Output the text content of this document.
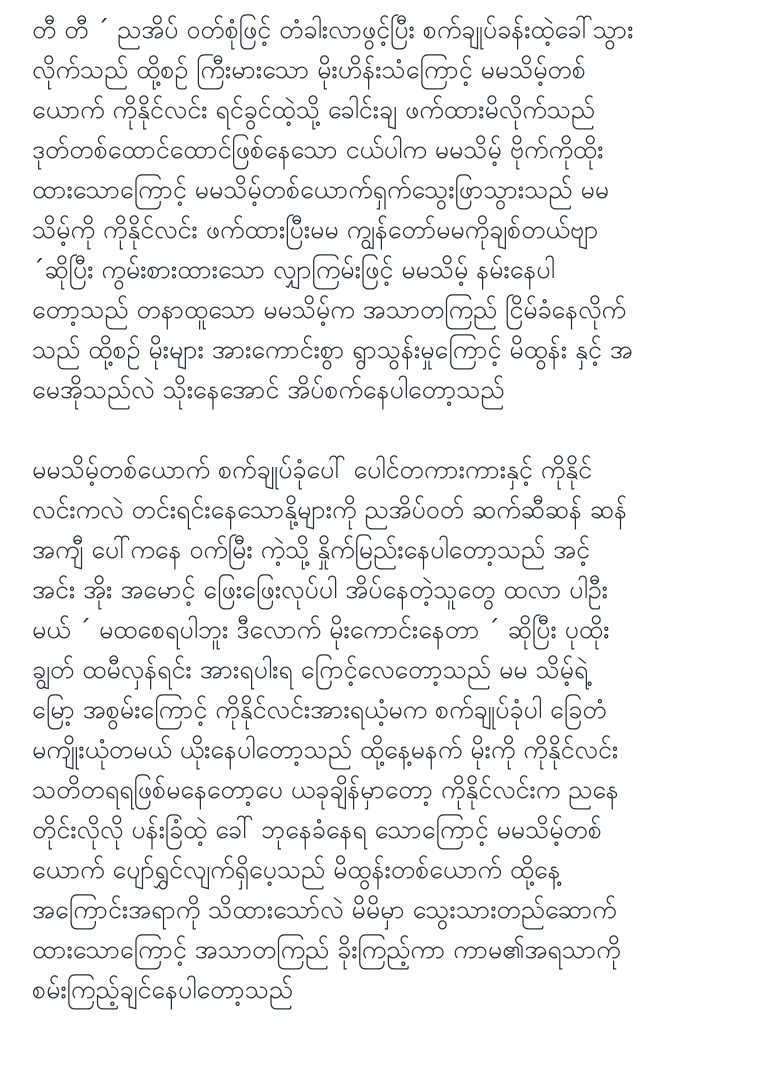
တီ တီ ´ ညအိပ် ဝတ်စုံဖြင့် တံခါးလာဖွင့်ပြီး စက်ချုပ်ခန်းထဲ့ခေါ်သွား
လိုက်သည် ထို့စဉ် ကြီးမားသော မိုးဟိန်းသံကြောင့် မမသိမ့်တစ်
ယောက် ကိုနိုင်လင်း ရင်ခွင်ထဲ့သို့ ခေါင်းချ ဖက်ထားမိလိုက်သည်
ဒုတ်တစ်ထောင်ထောင်ဖြစ်နေသော ငယ်ပါက မမသိမ့် ဗိုက်ကိုထိုး
ထားသောကြောင့် မမသိမ့်တစ်ယောက်ရှက်သွေးဖြာသွားသည် မမ
သိမ့်ကို ကိုနိုင်လင်း ဖက်ထားပြီးမမ ကျွန်တော်မမကိုချစ်တယ်ဗျာ
´ဆိုပြီး ကွမ်းစားထားသော လျှာကြမ်းဖြင့် မမသိမ့် နမ်းနေပါ
တော့သည် တနာထူသော မမသိမ့်က အသာတကြည် ငြိမ်ခံနေလိုက်
သည် ထို့စဉ် မိုးများ အားကောင်းစွာ ရွာသွန်းမှုကြောင့် မိထွန်း နှင့် အ
မေအိုသည်လဲ သိုးနေအောင် အိပ်စက်နေပါတော့သည်
မမသိမ့်တစ်ယောက် စက်ချုပ်ခုံပေါ် ပေါင်တကားကားနှင့် ကိုနိုင်
လင်းကလဲ တင်းရင်းနေသောနို့များကို ညအိပ်ဝတ် ဆက်ဆီဆန် ဆန်
အကျီ ပေါ်ကနေ ဝက်မြီး ကဲ့သို့ နှိုက်မြည်းနေပါတော့သည် အင့်
အင်း အိုး အမောင့် ဖြေးဖြေးလုပ်ပါ အိပ်နေတဲ့သူတွေ ထလာ ပါဦး
မယ် ´ မထစေရပါဘူး ဒီလောက် မိုးကောင်းနေတာ ´ ဆိုပြီး ပုထိုး
ချွတ် ထမီလှန်ရင်း အားရပါးရ ဂြောင့်လေတော့သည် မမ သိမ့်ရဲ့
မြော့ အစွမ်းကြောင့် ကိုနိုင်လင်းအားရယံ့မက စက်ချုပ်ခုံပါ ခြေတံ
မကျိုးယုံတမယ် ယိုးနေပါတော့သည် ထို့နေ့မနက် မိုးကို ကိုနိုင်လင်း
သတိတရရဖြစ်မနေတော့ပေ ယခုချိန်မှာတော့ ကိုနိုင်လင်းက ညနေ
တိုင်းလိုလို ပန်းခြံထဲ့ ခေါ် ဘုနေခံနေရ သောကြောင့် မမသိမ့်တစ်
ယောက် ပျော်ရွှင်လျက်ရှိပေ့သည် မိထွန်းတစ်ယောက် ထို့နေ့
အကြောင်းအရာကို သိထားသော်လဲ မိမိမှာ သွေးသားတည်ဆောက်
ထားသောကြောင့် အသာတကြည် ခိုးကြည့်ကာ ကာမ၏အရသာကို
စမ်းကြည့်ချင်နေပါတော့သည်
